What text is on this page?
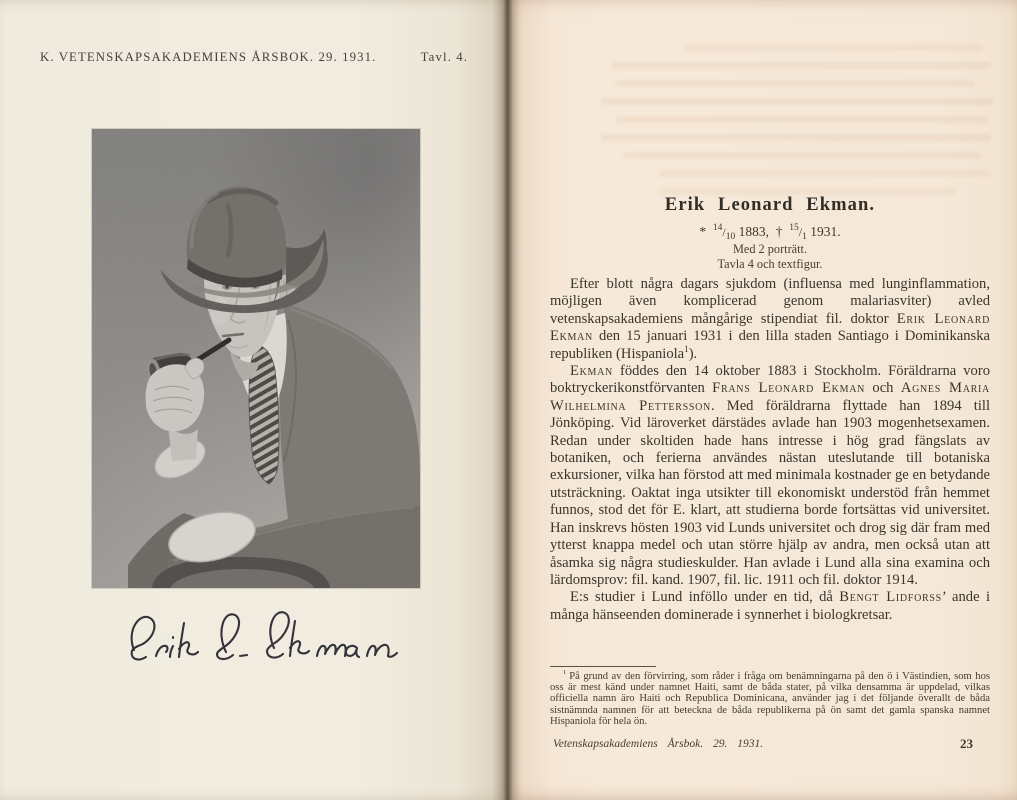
K. VETENSKAPSAKADEMIENS ÅRSBOK. 29. 1931.	Tavl. 4.
Erik Leonard Ekman.
* $^{14}/_{10}$ 1883, † $^{15}/_1$ 1931.
Med 2 porträtt.
Tavla 4 och textfigur.

Efter blott några dagars sjukdom (influensa med lunginflammation, möjligen även komplicerad genom malariasviter) avled vetenskapsakademiens mångårige stipendiat fil. doktor Erik Leonard Ekman den 15 januari 1931 i den lilla staden Santiago i Dominikanska republiken (Hispaniola$^1$).

Ekman föddes den 14 oktober 1883 i Stockholm. Föräldrarna voro boktryckerikonstförvanten Frans Leonard Ekman och Agnes Maria Wilhelmina Pettersson. Med föräldrarna flyttade han 1894 till Jönköping. Vid läroverket därstädes avlade han 1903 mogenhetsexamen. Redan under skoltiden hade hans intresse i hög grad fängslats av botaniken, och ferierna användes nästan uteslutande till botaniska exkursioner, vilka han förstod att med minimala kostnader ge en betydande utsträckning. Oaktat inga utsikter till ekonomiskt understöd från hemmet funnos, stod det för E. klart, att studierna borde fortsättas vid universitet. Han inskrevs hösten 1903 vid Lunds universitet och drog sig där fram med ytterst knappa medel och utan större hjälp av andra, men också utan att åsamka sig några studieskulder. Han avlade i Lund alla sina examina och lärdomsprov: fil. kand. 1907, fil. lic. 1911 och fil. doktor 1914.

E:s studier i Lund inföllo under en tid, då Bengt Lidforss’ ande i många hänseenden dominerade i synnerhet i biologkretsar.

$^1$ På grund av den förvirring, som råder i fråga om benämningarna på den ö i Västindien, som hos oss är mest känd under namnet Haiti, samt de båda stater, på vilka densamma är uppdelad, vilkas officiella namn äro Haiti och Republica Dominicana, använder jag i det följande överallt de båda sistnämnda namnen för att beteckna de båda republikerna på ön samt det gamla spanska namnet Hispaniola för hela ön.

Vetenskapsakademiens Årsbok. 29. 1931.	23
